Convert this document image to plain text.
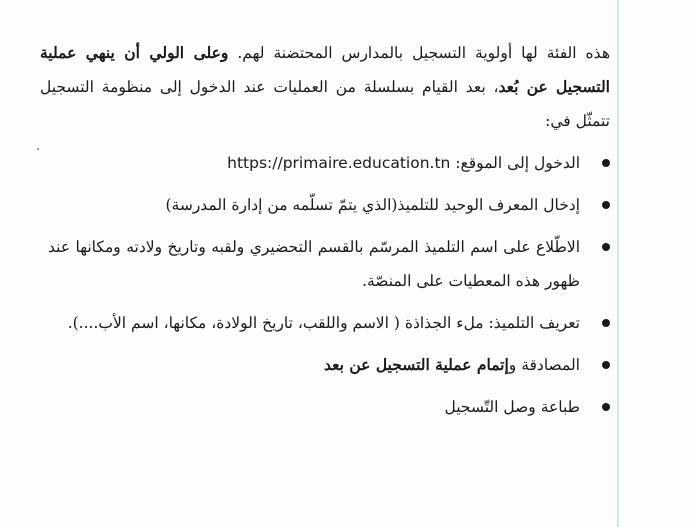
هذه الفئة لها أولوية التسجيل بالمدارس المحتضنة لهم. وعلى الولي أن ينهي عملية التسجيل عن بُعد، بعد القيام بسلسلة من العمليات عند الدخول إلى منظومة التسجيل تتمثّل في:

الدخول إلى الموقع: https://primaire.education.tn
إدخال المعرف الوحيد للتلميذ(الذي يتمّ تسلّمه من إدارة المدرسة)
الاطّلاع على اسم التلميذ المرسّم بالقسم التحضيري ولقبه وتاريخ ولادته ومكانها عند ظهور هذه المعطيات على المنصّة.
تعريف التلميذ: ملء الجذاذة ( الاسم واللقب، تاريخ الولادة، مكانها، اسم الأب....).
المصادقة وإتمام عملية التسجيل عن بعد
طباعة وصل التّسجيل
